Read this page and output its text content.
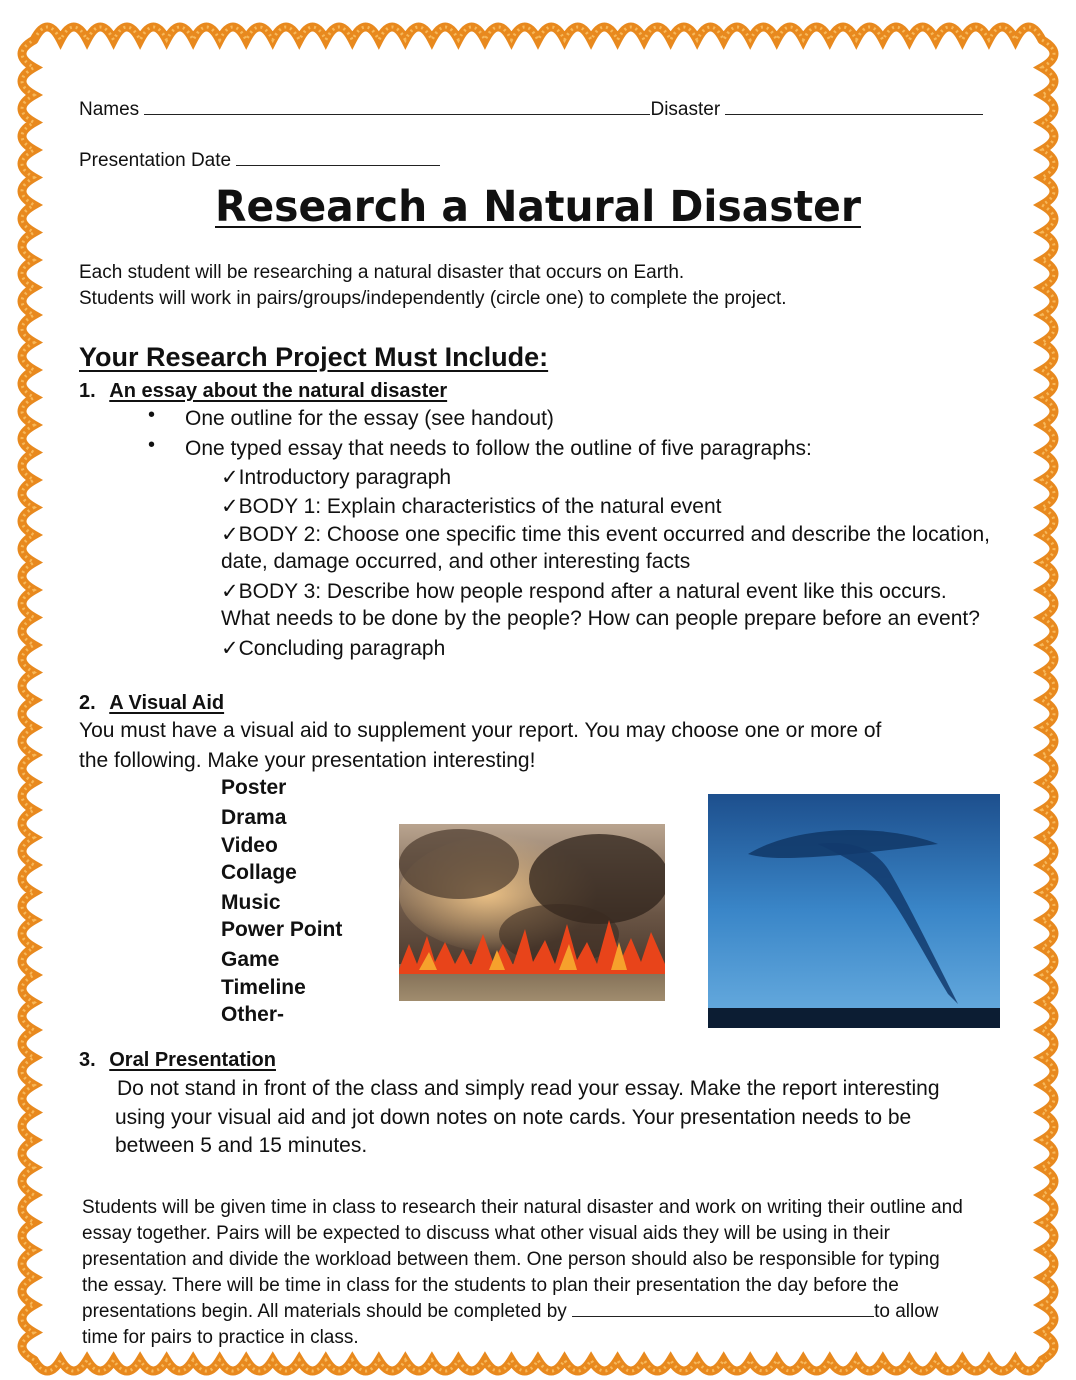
Names	Disaster
Presentation Date
Research a Natural Disaster
Each student will be researching a natural disaster that occurs on Earth.
Students will work in pairs/groups/independently (circle one) to complete the project.
Your Research Project Must Include:
1. An essay about the natural disaster
• One outline for the essay (see handout)
• One typed essay that needs to follow the outline of five paragraphs:
✓Introductory paragraph
✓BODY 1: Explain characteristics of the natural event
✓BODY 2: Choose one specific time this event occurred and describe the location,
date, damage occurred, and other interesting facts
✓BODY 3: Describe how people respond after a natural event like this occurs.
What needs to be done by the people? How can people prepare before an event?
✓Concluding paragraph
2. A Visual Aid
You must have a visual aid to supplement your report. You may choose one or more of
the following. Make your presentation interesting!
Poster
Drama
Video
Collage
Music
Power Point
Game
Timeline
Other-
3. Oral Presentation
Do not stand in front of the class and simply read your essay. Make the report interesting
using your visual aid and jot down notes on note cards. Your presentation needs to be
between 5 and 15 minutes.
Students will be given time in class to research their natural disaster and work on writing their outline and
essay together. Pairs will be expected to discuss what other visual aids they will be using in their
presentation and divide the workload between them. One person should also be responsible for typing
the essay. There will be time in class for the students to plan their presentation the day before the
presentations begin. All materials should be completed by	to allow
time for pairs to practice in class.
